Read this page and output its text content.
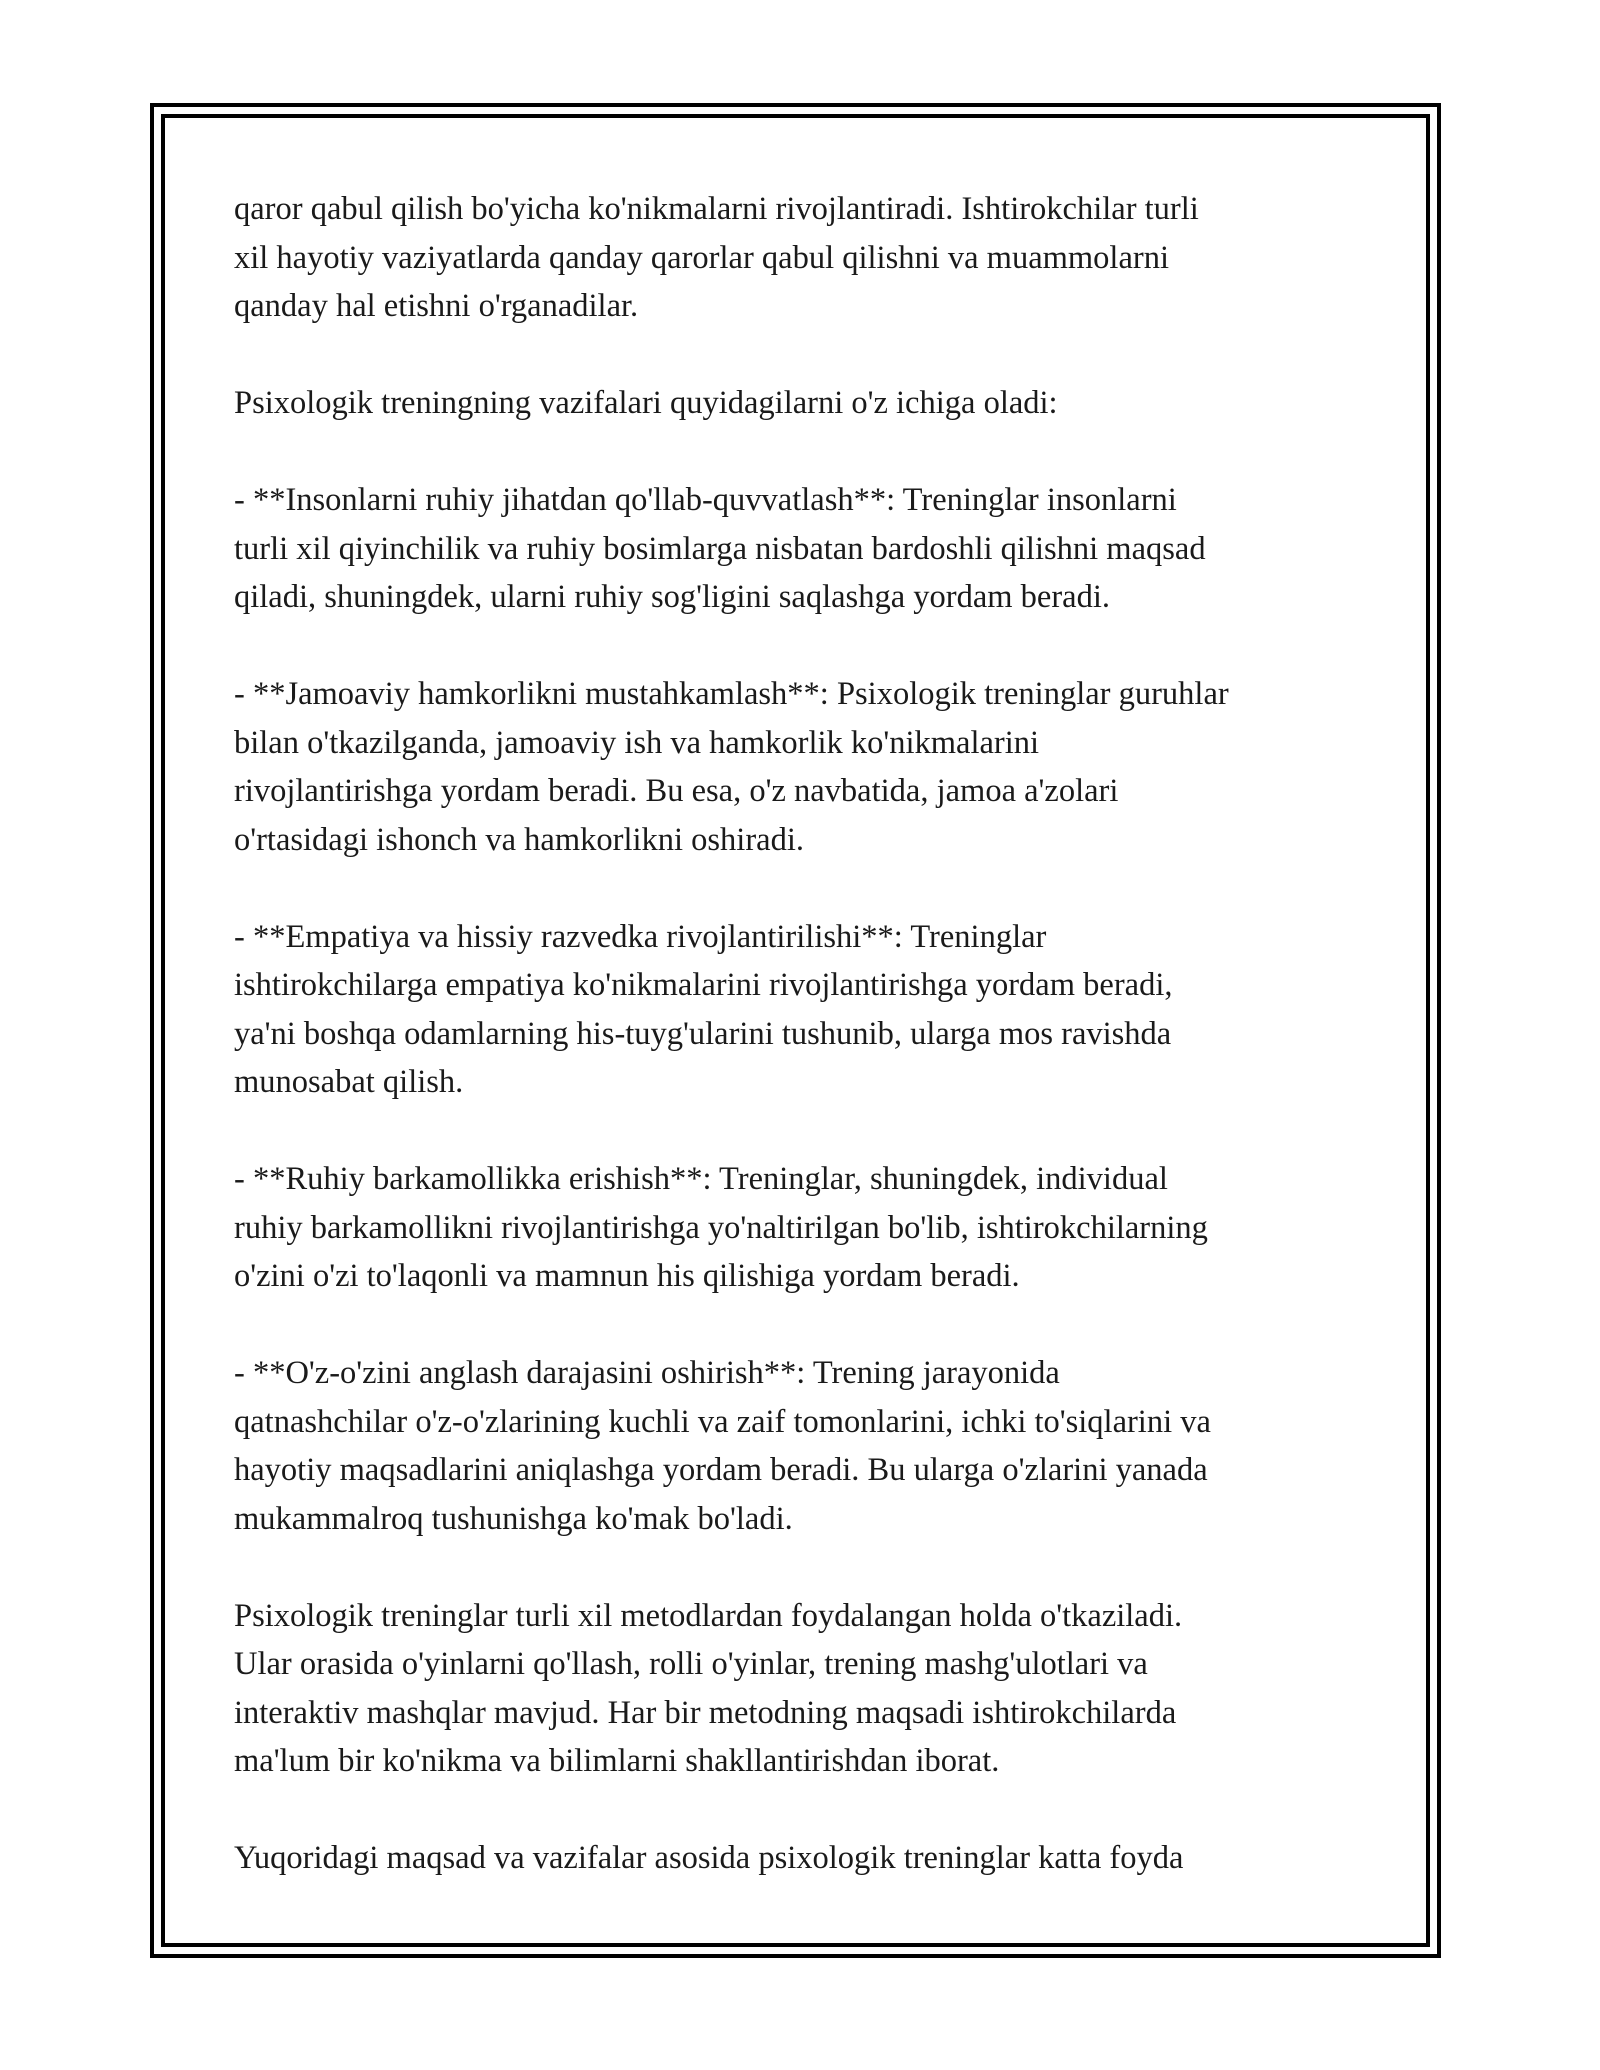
qaror qabul qilish bo'yicha ko'nikmalarni rivojlantiradi. Ishtirokchilar turli
xil hayotiy vaziyatlarda qanday qarorlar qabul qilishni va muammolarni
qanday hal etishni o'rganadilar.

Psixologik treningning vazifalari quyidagilarni o'z ichiga oladi:

- **Insonlarni ruhiy jihatdan qo'llab-quvvatlash**: Treninglar insonlarni
turli xil qiyinchilik va ruhiy bosimlarga nisbatan bardoshli qilishni maqsad
qiladi, shuningdek, ularni ruhiy sog'ligini saqlashga yordam beradi.

- **Jamoaviy hamkorlikni mustahkamlash**: Psixologik treninglar guruhlar
bilan o'tkazilganda, jamoaviy ish va hamkorlik ko'nikmalarini
rivojlantirishga yordam beradi. Bu esa, o'z navbatida, jamoa a'zolari
o'rtasidagi ishonch va hamkorlikni oshiradi.

- **Empatiya va hissiy razvedka rivojlantirilishi**: Treninglar
ishtirokchilarga empatiya ko'nikmalarini rivojlantirishga yordam beradi,
ya'ni boshqa odamlarning his-tuyg'ularini tushunib, ularga mos ravishda
munosabat qilish.

- **Ruhiy barkamollikka erishish**: Treninglar, shuningdek, individual
ruhiy barkamollikni rivojlantirishga yo'naltirilgan bo'lib, ishtirokchilarning
o'zini o'zi to'laqonli va mamnun his qilishiga yordam beradi.

- **O'z-o'zini anglash darajasini oshirish**: Trening jarayonida
qatnashchilar o'z-o'zlarining kuchli va zaif tomonlarini, ichki to'siqlarini va
hayotiy maqsadlarini aniqlashga yordam beradi. Bu ularga o'zlarini yanada
mukammalroq tushunishga ko'mak bo'ladi.

Psixologik treninglar turli xil metodlardan foydalangan holda o'tkaziladi.
Ular orasida o'yinlarni qo'llash, rolli o'yinlar, trening mashg'ulotlari va
interaktiv mashqlar mavjud. Har bir metodning maqsadi ishtirokchilarda
ma'lum bir ko'nikma va bilimlarni shakllantirishdan iborat.

Yuqoridagi maqsad va vazifalar asosida psixologik treninglar katta foyda
